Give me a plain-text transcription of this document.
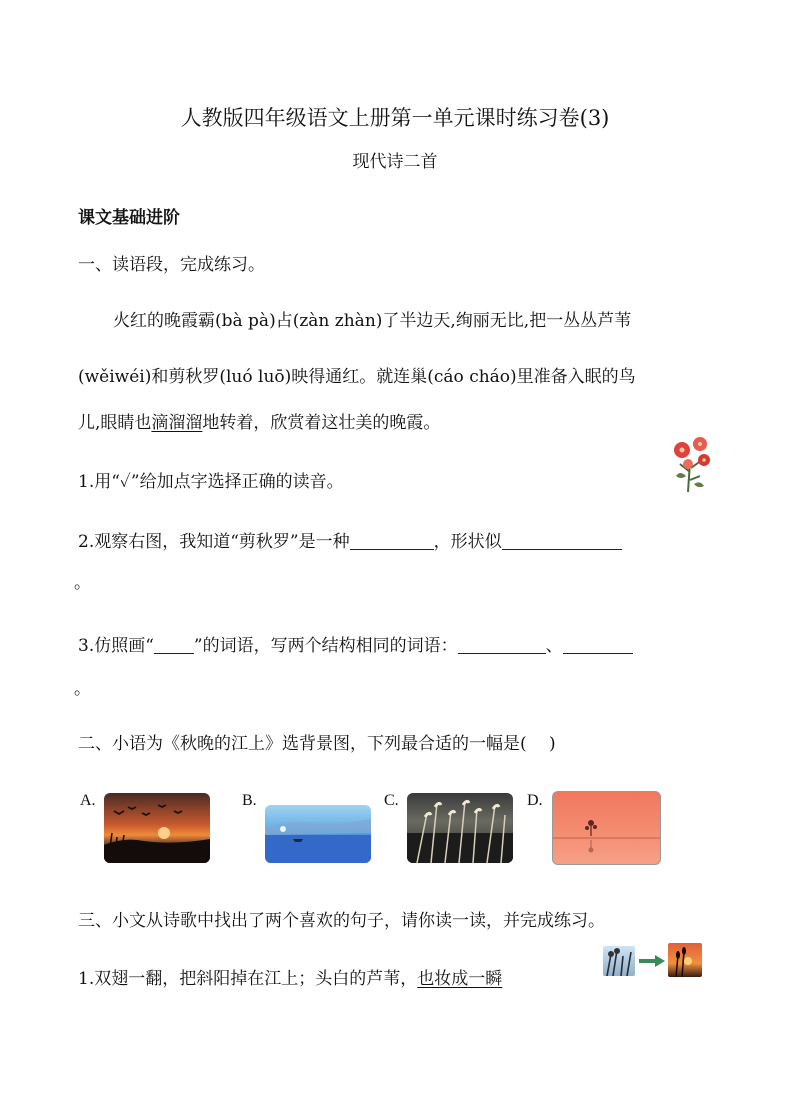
人教版四年级语文上册第一单元课时练习卷(3)
现代诗二首
课文基础进阶
一、读语段，完成练习。
火红的晚霞霸(bà pà)占(zàn zhàn)了半边天,绚丽无比,把一丛丛芦苇
(wěiwéi)和剪秋罗(luó luō)映得通红。就连巢(cáo cháo)里准备入眠的鸟
儿,眼睛也滴溜溜地转着，欣赏着这壮美的晚霞。
1.用“✓”给加点字选择正确的读音。
2.观察右图，我知道“剪秋罗”是一种	，形状似
。
3.仿照画“ ”的词语，写两个结构相同的词语：	、
。
二、小语为《秋晚的江上》选背景图，下列最合适的一幅是(　 )
A.	B.	C.	D.
三、小文从诗歌中找出了两个喜欢的句子，请你读一读，并完成练习。
1.双翅一翻，把斜阳掉在江上；头白的芦苇，也妆成一瞬
